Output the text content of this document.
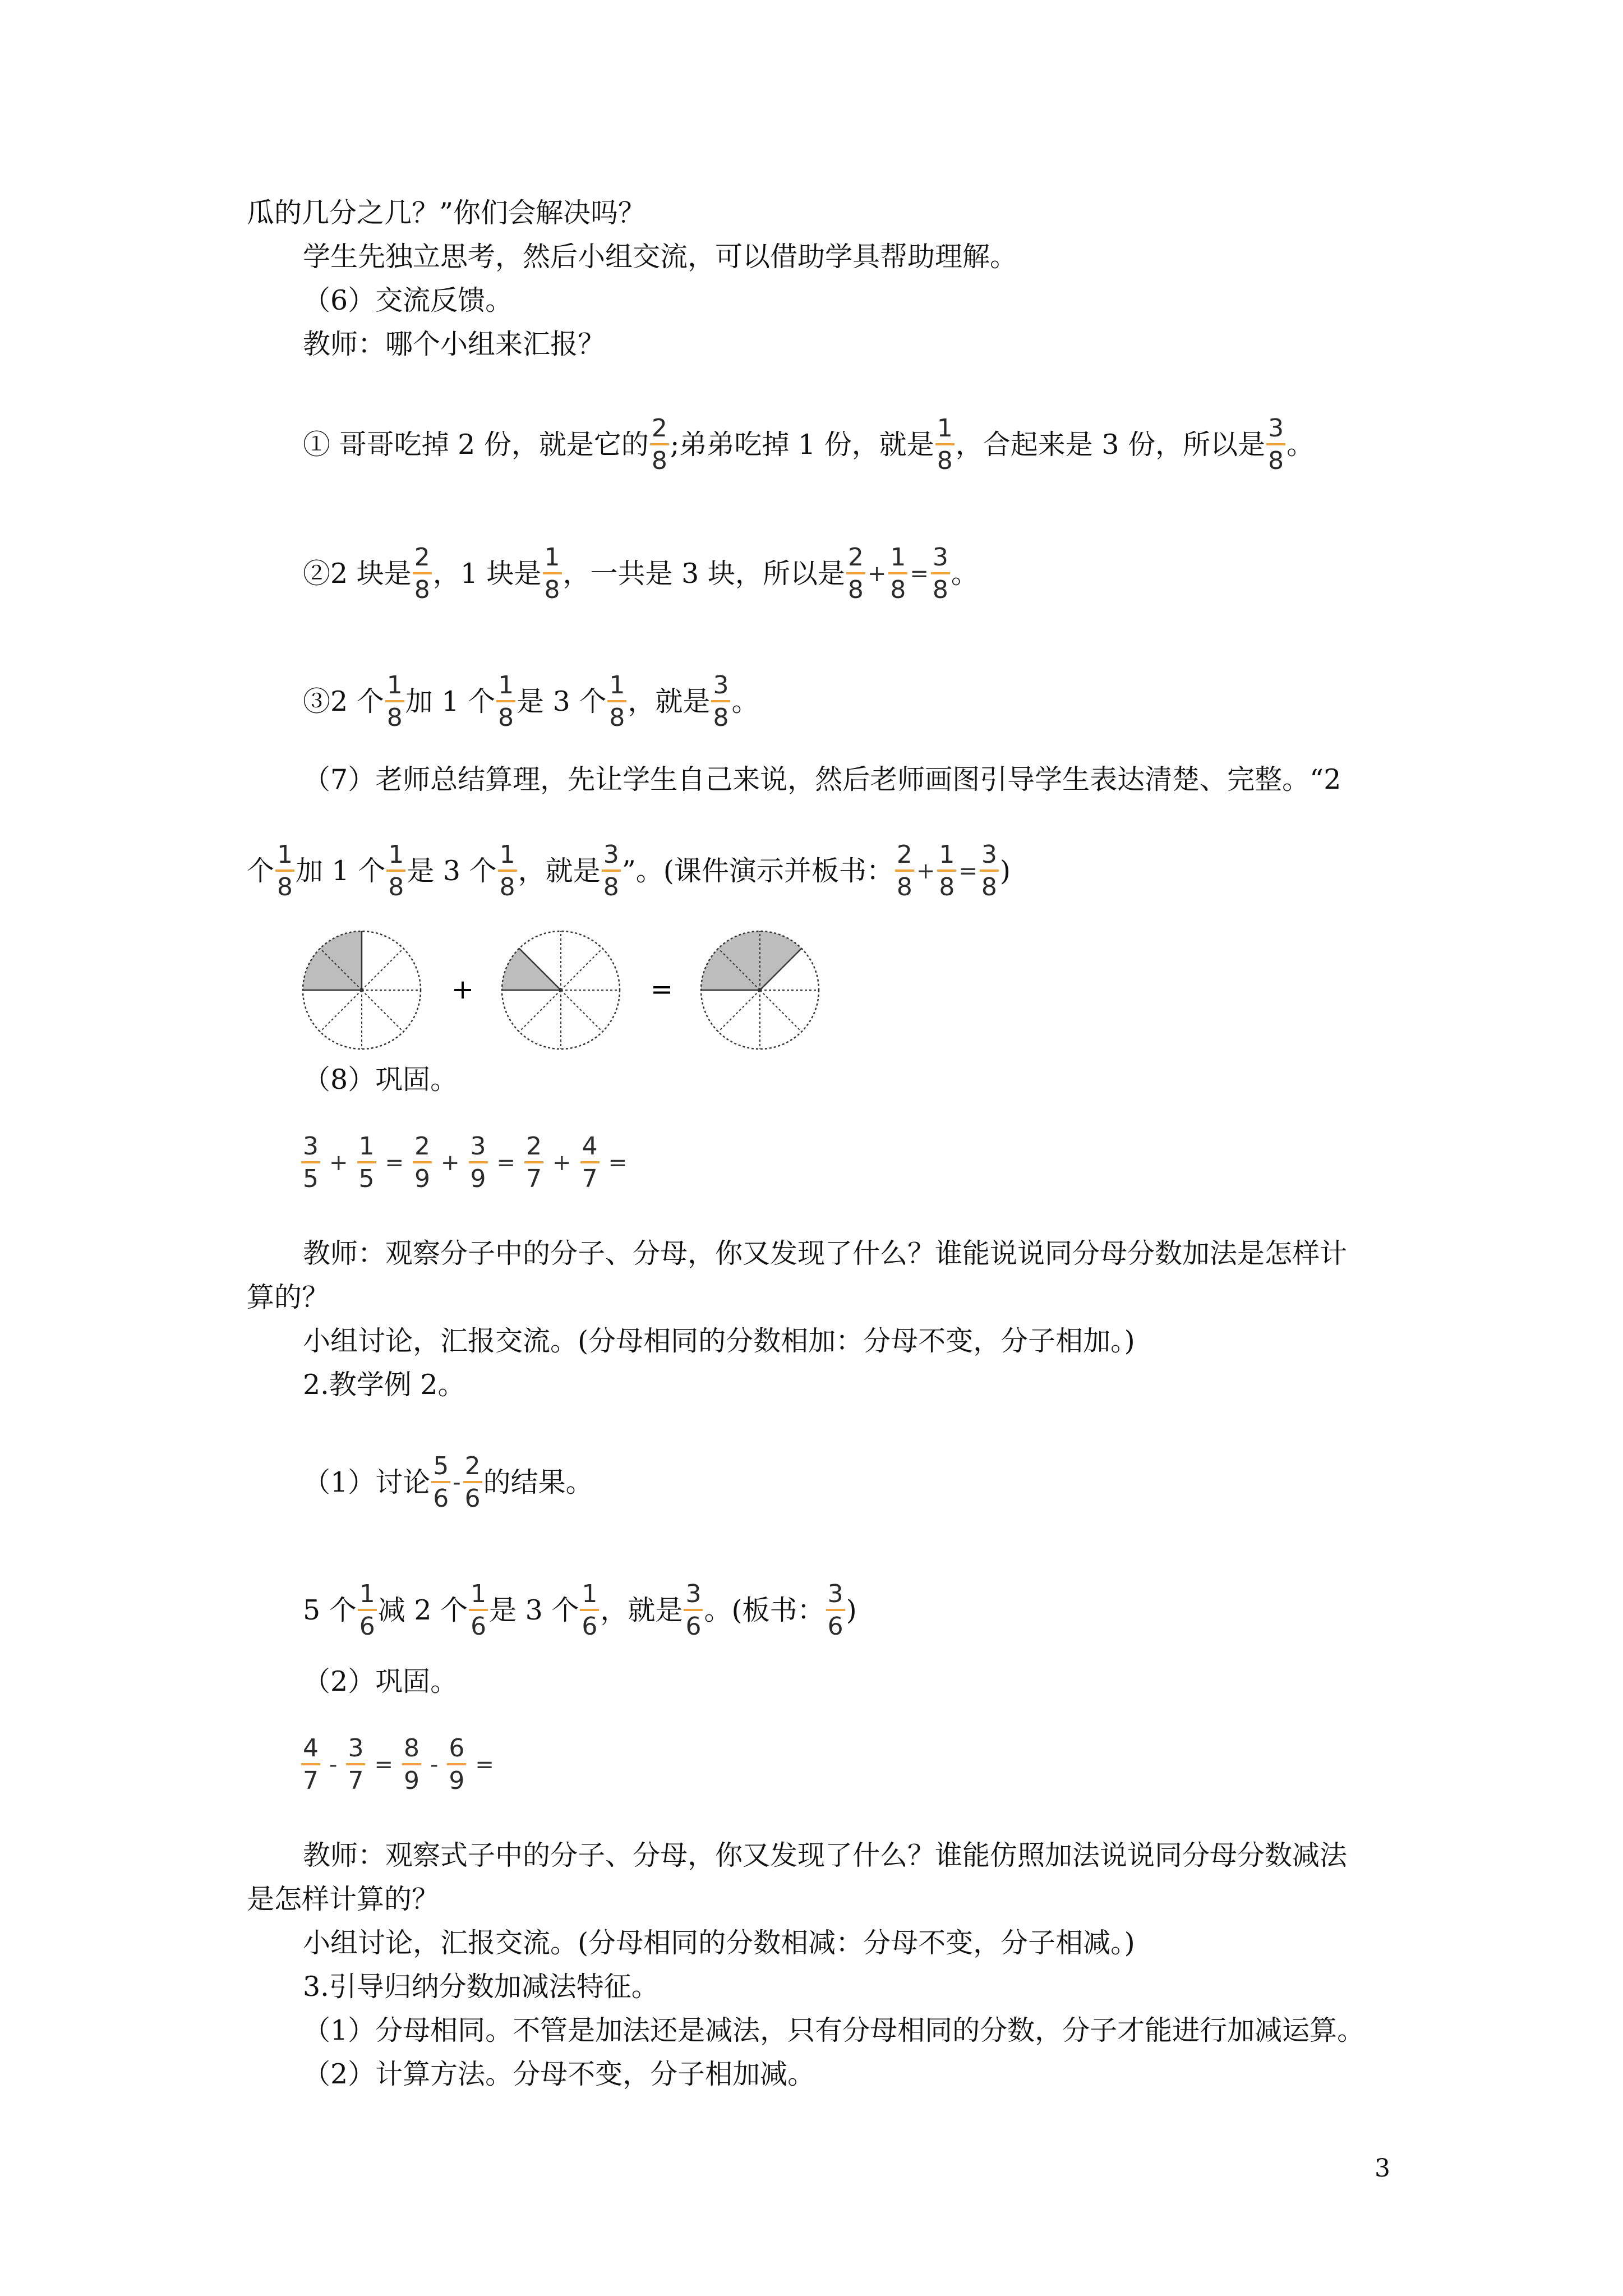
瓜的几分之几？”你们会解决吗？
学生先独立思考，然后小组交流，可以借助学具帮助理解。
（6）交流反馈。
教师：哪个小组来汇报？
① 哥哥吃掉 2 份，就是它的 $\frac{2}{8}$ ;弟弟吃掉 1 份，就是 $\frac{1}{8}$ ，合起来是 3 份，所以是 $\frac{3}{8}$ 。
②2 块是 $\frac{2}{8}$ ，1 块是 $\frac{1}{8}$ ，一共是 3 块，所以是 $\frac{2}{8} + \frac{1}{8} = \frac{3}{8}$ 。
③2 个 $\frac{1}{8}$ 加 1 个 $\frac{1}{8}$ 是 3 个 $\frac{1}{8}$ ，就是 $\frac{3}{8}$ 。
（7）老师总结算理，先让学生自己来说，然后老师画图引导学生表达清楚、完整。“2
个 $\frac{1}{8}$ 加 1 个 $\frac{1}{8}$ 是 3 个 $\frac{1}{8}$ ，就是 $\frac{3}{8}$ ”。(课件演示并板书： $\frac{2}{8} + \frac{1}{8} = \frac{3}{8}$ )
+	=
（8）巩固。
$\frac{3}{5} + \frac{1}{5} = \frac{2}{9} + \frac{3}{9} = \frac{2}{7} + \frac{4}{7}$ =
教师：观察分子中的分子、分母，你又发现了什么？谁能说说同分母分数加法是怎样计
算的？
小组讨论，汇报交流。(分母相同的分数相加：分母不变，分子相加。)
2.教学例 2。
（1）讨论 $\frac{5}{6} - \frac{2}{6}$ 的结果。
5 个 $\frac{1}{6}$ 减 2 个 $\frac{1}{6}$ 是 3 个 $\frac{1}{6}$ ，就是 $\frac{3}{6}$ 。(板书： $\frac{3}{6}$ )
（2）巩固。
$\frac{4}{7} - \frac{3}{7} = \frac{8}{9} - \frac{6}{9}$ =
教师：观察式子中的分子、分母，你又发现了什么？谁能仿照加法说说同分母分数减法
是怎样计算的？
小组讨论，汇报交流。(分母相同的分数相减：分母不变，分子相减。)
3.引导归纳分数加减法特征。
（1）分母相同。不管是加法还是减法，只有分母相同的分数，分子才能进行加减运算。
（2）计算方法。分母不变，分子相加减。
3
